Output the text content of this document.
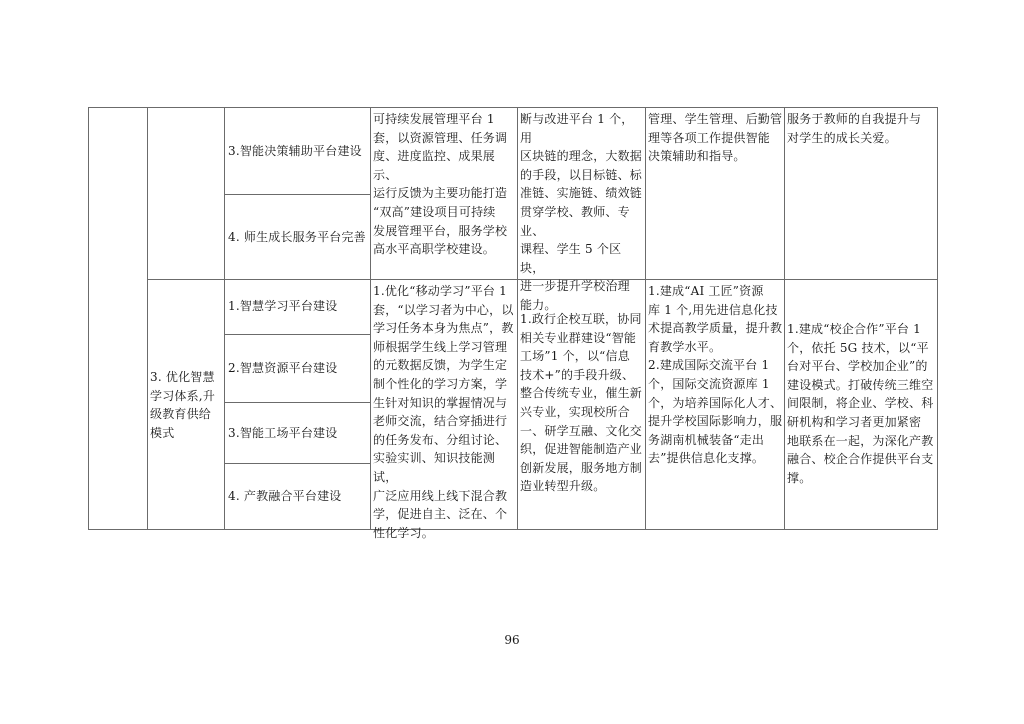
3.智能决策辅助平台建设
4. 师生成长服务平台完善
可持续发展管理平台 1
套，以资源管理、任务调
度、进度监控、成果展示、
运行反馈为主要功能打造
“双高”建设项目可持续
发展管理平台，服务学校
高水平高职学校建设。
断与改进平台 1 个，用
区块链的理念，大数据
的手段，以目标链、标
准链、实施链、绩效链
贯穿学校、教师、专业、
课程、学生 5 个区块，
进一步提升学校治理
能力。
管理、学生管理、后勤管
理等各项工作提供智能
决策辅助和指导。
服务于教师的自我提升与
对学生的成长关爱。
3. 优化智慧
学习体系,升
级教育供给
模式
1.智慧学习平台建设
2.智慧资源平台建设
3.智能工场平台建设
4. 产教融合平台建设
1.优化“移动学习”平台 1
套，“以学习者为中心，以
学习任务本身为焦点”，教
师根据学生线上学习管理
的元数据反馈，为学生定
制个性化的学习方案，学
生针对知识的掌握情况与
老师交流，结合穿插进行
的任务发布、分组讨论、
实验实训、知识技能测试，
广泛应用线上线下混合教
学，促进自主、泛在、个
性化学习。
1.政行企校互联，协同
相关专业群建设“智能
工场”1 个，以“信息
技术+”的手段升级、
整合传统专业，催生新
兴专业，实现校所合
一、研学互融、文化交
织，促进智能制造产业
创新发展，服务地方制
造业转型升级。
1.建成“AI 工匠”资源
库 1 个,用先进信息化技
术提高教学质量，提升教
育教学水平。
2.建成国际交流平台 1
个，国际交流资源库 1
个，为培养国际化人才、
提升学校国际影响力，服
务湖南机械装备“走出
去”提供信息化支撑。
1.建成“校企合作”平台 1
个，依托 5G 技术，以“平
台对平台、学校加企业”的
建设模式。打破传统三维空
间限制，将企业、学校、科
研机构和学习者更加紧密
地联系在一起，为深化产教
融合、校企合作提供平台支
撑。
96
